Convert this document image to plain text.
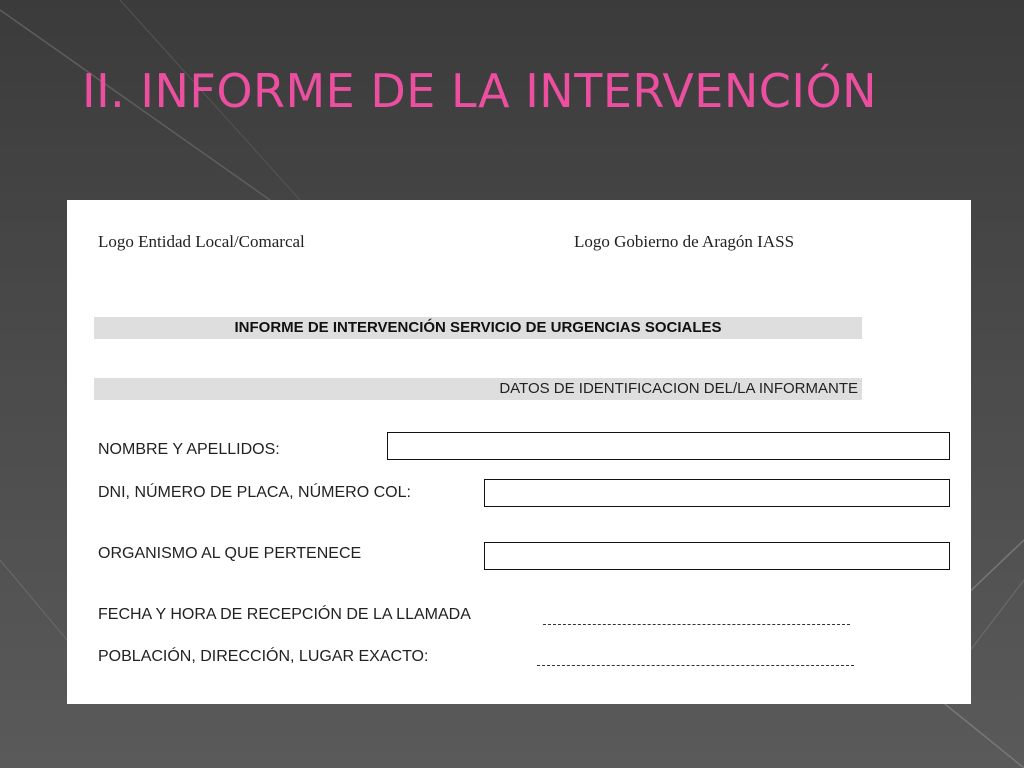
II. INFORME DE LA INTERVENCIÓN
Logo Entidad Local/Comarcal	Logo Gobierno de Aragón IASS
INFORME DE INTERVENCIÓN SERVICIO DE URGENCIAS SOCIALES
DATOS DE IDENTIFICACION DEL/LA INFORMANTE
NOMBRE Y APELLIDOS:
DNI, NÚMERO DE PLACA, NÚMERO COL:
ORGANISMO AL QUE PERTENECE
FECHA Y HORA DE RECEPCIÓN DE LA LLAMADA
POBLACIÓN, DIRECCIÓN, LUGAR EXACTO:
